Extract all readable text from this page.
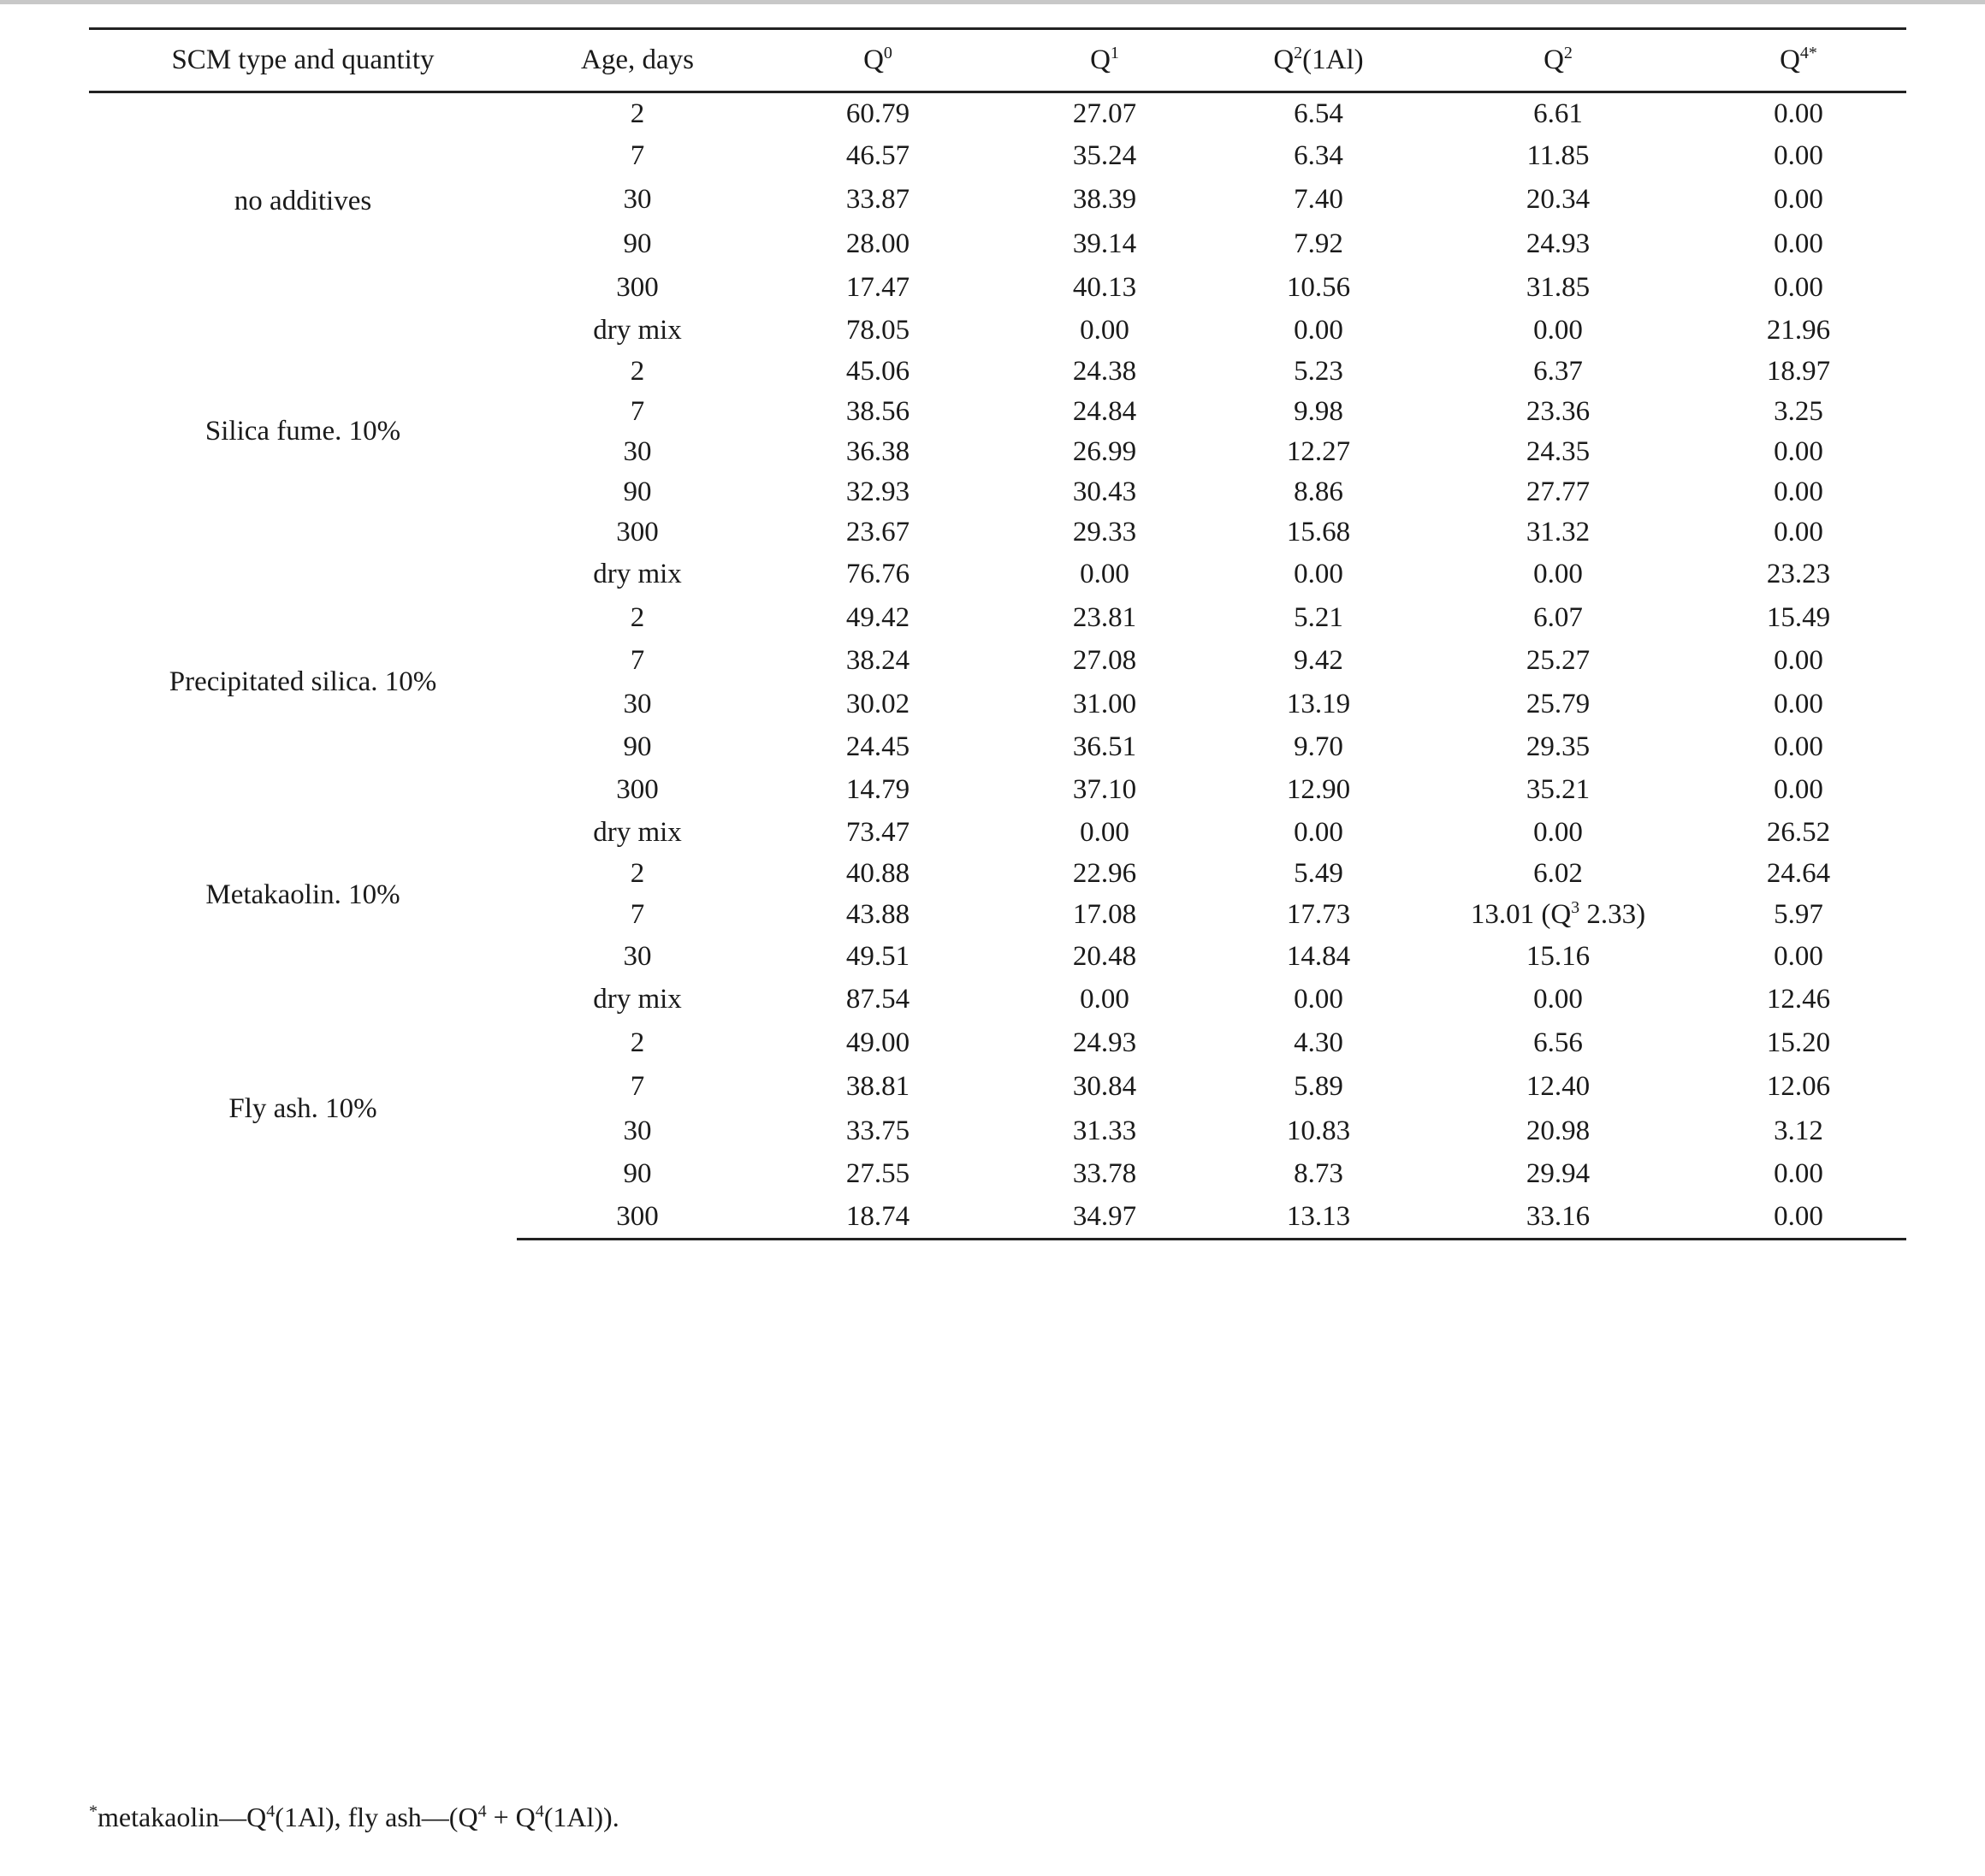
SCM type and quantity	Age, days	$Q^0$	$Q^1$	$Q^2(1Al)$	$Q^2$	$Q^{4*}$
no additives	2	60.79	27.07	6.54	6.61	0.00
	7	46.57	35.24	6.34	11.85	0.00
	30	33.87	38.39	7.40	20.34	0.00
	90	28.00	39.14	7.92	24.93	0.00
	300	17.47	40.13	10.56	31.85	0.00
Silica fume. 10%	dry mix	78.05	0.00	0.00	0.00	21.96
	2	45.06	24.38	5.23	6.37	18.97
	7	38.56	24.84	9.98	23.36	3.25
	30	36.38	26.99	12.27	24.35	0.00
	90	32.93	30.43	8.86	27.77	0.00
	300	23.67	29.33	15.68	31.32	0.00
Precipitated silica. 10%	dry mix	76.76	0.00	0.00	0.00	23.23
	2	49.42	23.81	5.21	6.07	15.49
	7	38.24	27.08	9.42	25.27	0.00
	30	30.02	31.00	13.19	25.79	0.00
	90	24.45	36.51	9.70	29.35	0.00
	300	14.79	37.10	12.90	35.21	0.00
Metakaolin. 10%	dry mix	73.47	0.00	0.00	0.00	26.52
	2	40.88	22.96	5.49	6.02	24.64
	7	43.88	17.08	17.73	13.01 ($Q^3$ 2.33)	5.97
	30	49.51	20.48	14.84	15.16	0.00
Fly ash. 10%	dry mix	87.54	0.00	0.00	0.00	12.46
	2	49.00	24.93	4.30	6.56	15.20
	7	38.81	30.84	5.89	12.40	12.06
	30	33.75	31.33	10.83	20.98	3.12
	90	27.55	33.78	8.73	29.94	0.00
	300	18.74	34.97	13.13	33.16	0.00
$^*metakaolin—Q^4(1Al)$, fly $ash—(Q^4 + Q^4(1Al))$.
